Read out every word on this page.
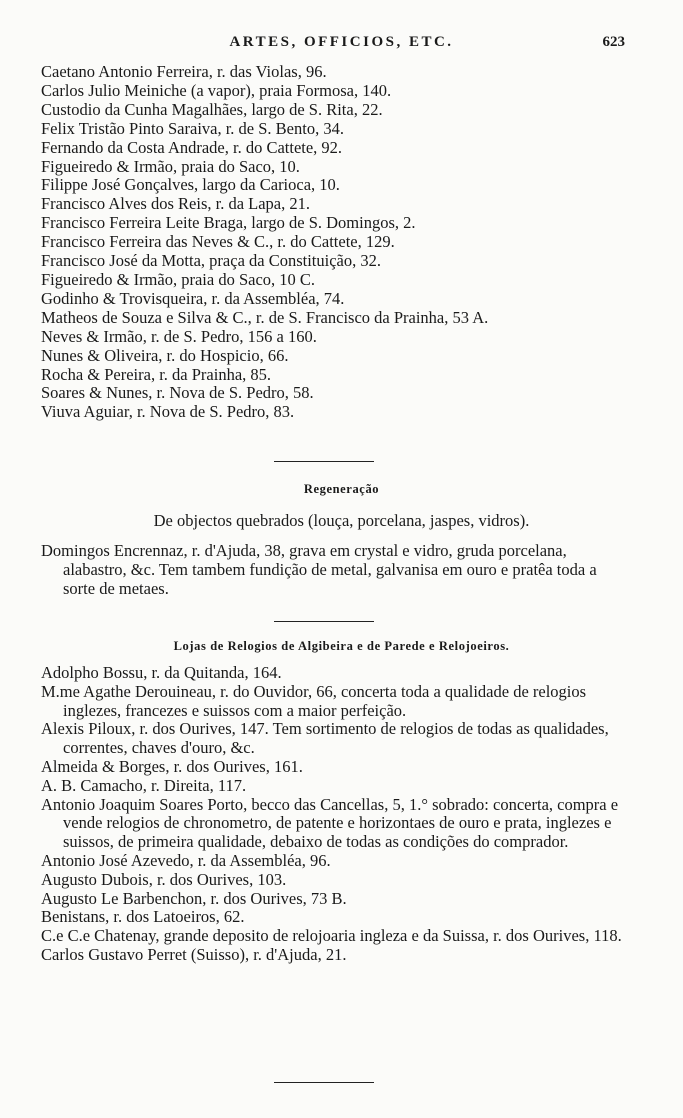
ARTES, OFFICIOS, ETC.	623
Caetano Antonio Ferreira, r. das Violas, 96.
Carlos Julio Meiniche (a vapor), praia Formosa, 140.
Custodio da Cunha Magalhães, largo de S. Rita, 22.
Felix Tristão Pinto Saraiva, r. de S. Bento, 34.
Fernando da Costa Andrade, r. do Cattete, 92.
Figueiredo & Irmão, praia do Saco, 10.
Filippe José Gonçalves, largo da Carioca, 10.
Francisco Alves dos Reis, r. da Lapa, 21.
Francisco Ferreira Leite Braga, largo de S. Domingos, 2.
Francisco Ferreira das Neves & C., r. do Cattete, 129.
Francisco José da Motta, praça da Constituição, 32.
Figueiredo & Irmão, praia do Saco, 10 C.
Godinho & Trovisqueira, r. da Assembléa, 74.
Matheos de Souza e Silva & C., r. de S. Francisco da Prainha, 53 A.
Neves & Irmão, r. de S. Pedro, 156 a 160.
Nunes & Oliveira, r. do Hospicio, 66.
Rocha & Pereira, r. da Prainha, 85.
Soares & Nunes, r. Nova de S. Pedro, 58.
Viuva Aguiar, r. Nova de S. Pedro, 83.
Regeneração
De objectos quebrados (louça, porcelana, jaspes, vidros).
Domingos Encrennaz, r. d'Ajuda, 38, grava em crystal e vidro, gruda porcelana, alabastro, &c. Tem tambem fundição de metal, galvanisa em ouro e pratêa toda a sorte de metaes.
Lojas de Relogios de Algibeira e de Parede e Relojoeiros.
Adolpho Bossu, r. da Quitanda, 164.
M.me Agathe Derouineau, r. do Ouvidor, 66, concerta toda a qualidade de relogios inglezes, francezes e suissos com a maior perfeição.
Alexis Piloux, r. dos Ourives, 147. Tem sortimento de relogios de todas as qualidades, correntes, chaves d'ouro, &c.
Almeida & Borges, r. dos Ourives, 161.
A. B. Camacho, r. Direita, 117.
Antonio Joaquim Soares Porto, becco das Cancellas, 5, 1.° sobrado: concerta, compra e vende relogios de chronometro, de patente e horizontaes de ouro e prata, inglezes e suissos, de primeira qualidade, debaixo de todas as condições do comprador.
Antonio José Azevedo, r. da Assembléa, 96.
Augusto Dubois, r. dos Ourives, 103.
Augusto Le Barbenchon, r. dos Ourives, 73 B.
Benistans, r. dos Latoeiros, 62.
C.e C.e Chatenay, grande deposito de relojoaria ingleza e da Suissa, r. dos Ourives, 118.
Carlos Gustavo Perret (Suisso), r. d'Ajuda, 21.
